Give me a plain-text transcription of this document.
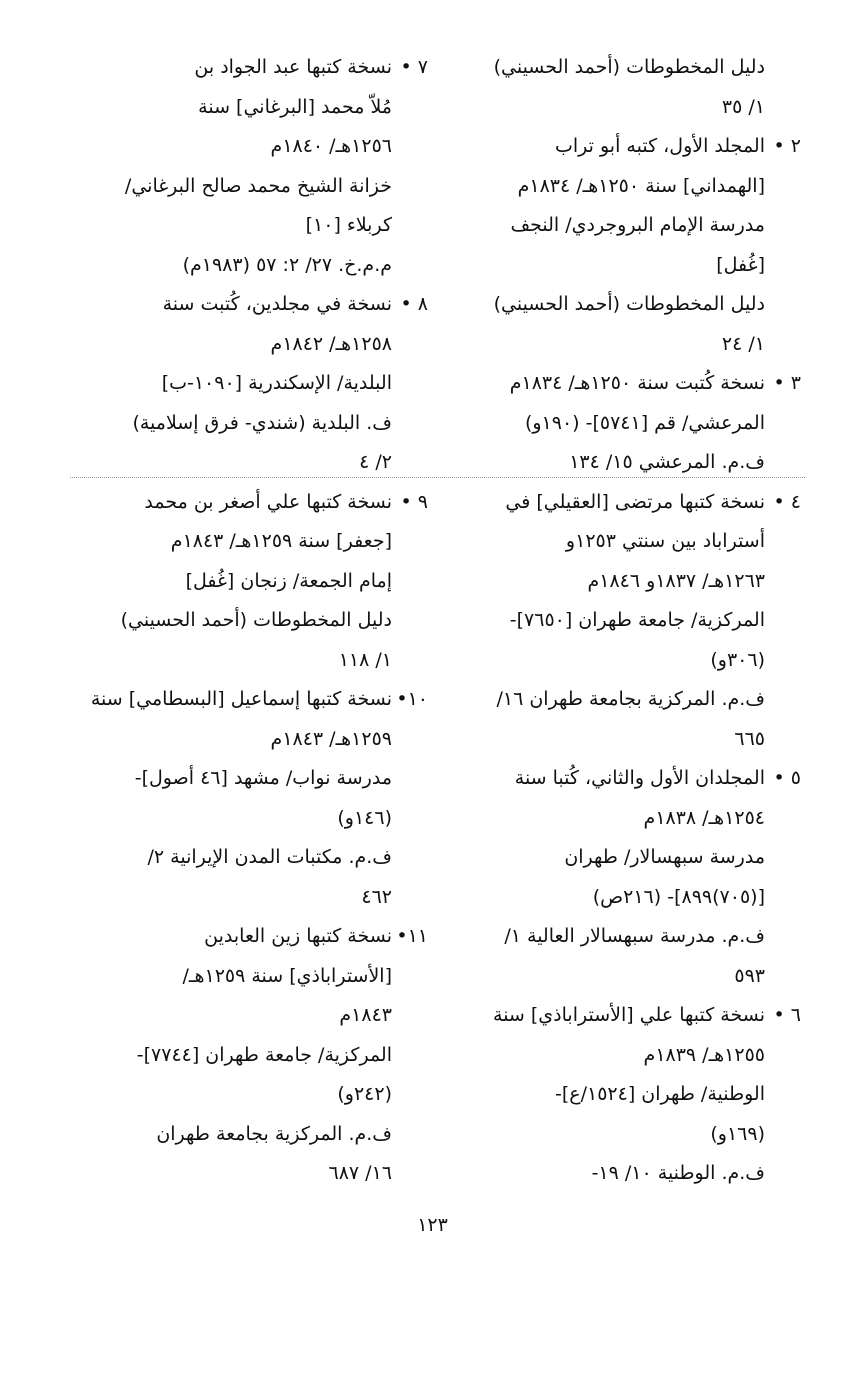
دليل المخطوطات (أحمد الحسيني)
١/ ٣٥
٢ •
المجلد الأول، كتبه أبو تراب
[الهمداني] سنة ١٢٥٠هـ/ ١٨٣٤م
مدرسة الإمام البروجردي/ النجف
[غُفل]
دليل المخطوطات (أحمد الحسيني)
١/ ٢٤
٣ •
نسخة كُتبت سنة ١٢٥٠هـ/ ١٨٣٤م
المرعشي/ قم [٥٧٤١]- (١٩٠و)
ف.م. المرعشي ١٥/ ١٣٤
٤ •
نسخة كتبها مرتضى [العقيلي] في
أستراباد بين سنتي ١٢٥٣و
١٢٦٣هـ/ ١٨٣٧و ١٨٤٦م
المركزية/ جامعة طهران [٧٦٥٠]-
(٣٠٦و)
ف.م. المركزية بجامعة طهران ١٦/
٦٦٥
٥ •
المجلدان الأول والثاني، كُتبا سنة
١٢٥٤هـ/ ١٨٣٨م
مدرسة سبهسالار/ طهران
[(٧٠٥)٨٩٩]- (٢١٦ص)
ف.م. مدرسة سبهسالار العالية ١/
٥٩٣
٦ •
نسخة كتبها علي [الأستراباذي] سنة
١٢٥٥هـ/ ١٨٣٩م
الوطنية/ طهران [١٥٢٤/ع]-
(١٦٩و)
ف.م. الوطنية ١٠/ ١٩-
٧ •
نسخة كتبها عبد الجواد بن
مُلاّ محمد [البرغاني] سنة
١٢٥٦هـ/ ١٨٤٠م
خزانة الشيخ محمد صالح البرغاني/
كربلاء [١٠]
م.م.خ. ٢٧/ ٢: ٥٧ (١٩٨٣م)
٨ •
نسخة في مجلدين، كُتبت سنة
١٢٥٨هـ/ ١٨٤٢م
البلدية/ الإسكندرية [١٠٩٠-ب]
ف. البلدية (شندي- فرق إسلامية)
٢/ ٤
٩ •
نسخة كتبها علي أصغر بن محمد
[جعفر] سنة ١٢٥٩هـ/ ١٨٤٣م
إمام الجمعة/ زنجان [غُفل]
دليل المخطوطات (أحمد الحسيني)
١/ ١١٨
١٠•
نسخة كتبها إسماعيل [البسطامي] سنة
١٢٥٩هـ/ ١٨٤٣م
مدرسة نواب/ مشهد [٤٦ أصول]-
(١٤٦و)
ف.م. مكتبات المدن الإيرانية ٢/
٤٦٢
١١•
نسخة كتبها زين العابدين
[الأستراباذي] سنة ١٢٥٩هـ/
١٨٤٣م
المركزية/ جامعة طهران [٧٧٤٤]-
(٢٤٢و)
ف.م. المركزية بجامعة طهران
١٦/ ٦٨٧
١٢٣
